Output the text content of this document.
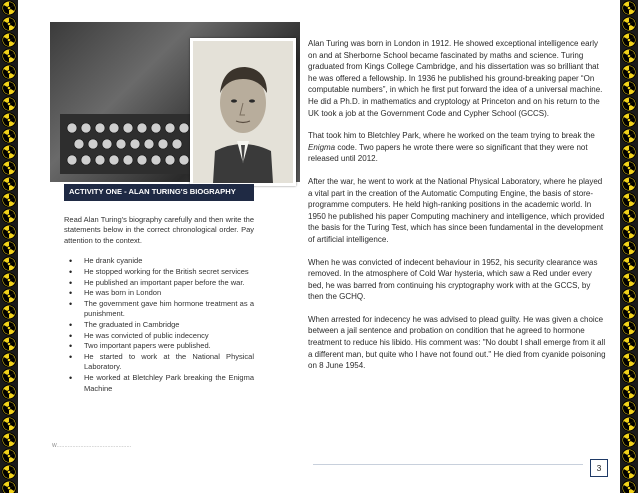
ACTIVITY ONE - ALAN TURING'S BIOGRAPHY

Read Alan Turing's biography carefully and then write the statements below in the correct chronological order. Pay attention to the context.

• He drank cyanide
• He stopped working for the British secret services
• He published an important paper before the war.
• He was born in London
• The government gave him hormone treatment as a punishment.
• The graduated in Cambridge
• He was convicted of public indecency
• Two important papers were published.
• He started to work at the National Physical Laboratory.
• He worked at Bletchley Park breaking the Enigma Machine
W...............................................

Alan Turing was born in London in 1912. He showed exceptional intelligence early on and at Sherborne School became fascinated by maths and science. Turing graduated from Kings College Cambridge, and his dissertation was so brilliant that he was offered a fellowship. In 1936 he published his ground-breaking paper “On computable numbers”, in which he first put forward the idea of a universal machine. He did a Ph.D. in mathematics and cryptology at Princeton and on his return to the UK took a job at the Government Code and Cypher School (GCCS).

That took him to Bletchley Park, where he worked on the team trying to break the Enigma code. Two papers he wrote there were so significant that they were not released until 2012.

After the war, he went to work at the National Physical Laboratory, where he played a vital part in the creation of the Automatic Computing Engine, the basis of store-programme computers. He held high-ranking positions in the academic world. In 1950 he published his paper Computing machinery and intelligence, which provided the basis for the Turing Test, which has since been fundamental in the development of artificial intelligence.

When he was convicted of indecent behaviour in 1952, his security clearance was removed. In the atmosphere of Cold War hysteria, which saw a Red under every bed, he was barred from continuing his cryptography work with at the GCCS, by then the GCHQ.

When arrested for indecency he was advised to plead guilty. He was given a choice between a jail sentence and probation on condition that he agreed to hormone treatment to reduce his libido. His comment was: "No doubt I shall emerge from it all a different man, but quite who I have not found out." He died from cyanide poisoning on 8 June 1954.

3
